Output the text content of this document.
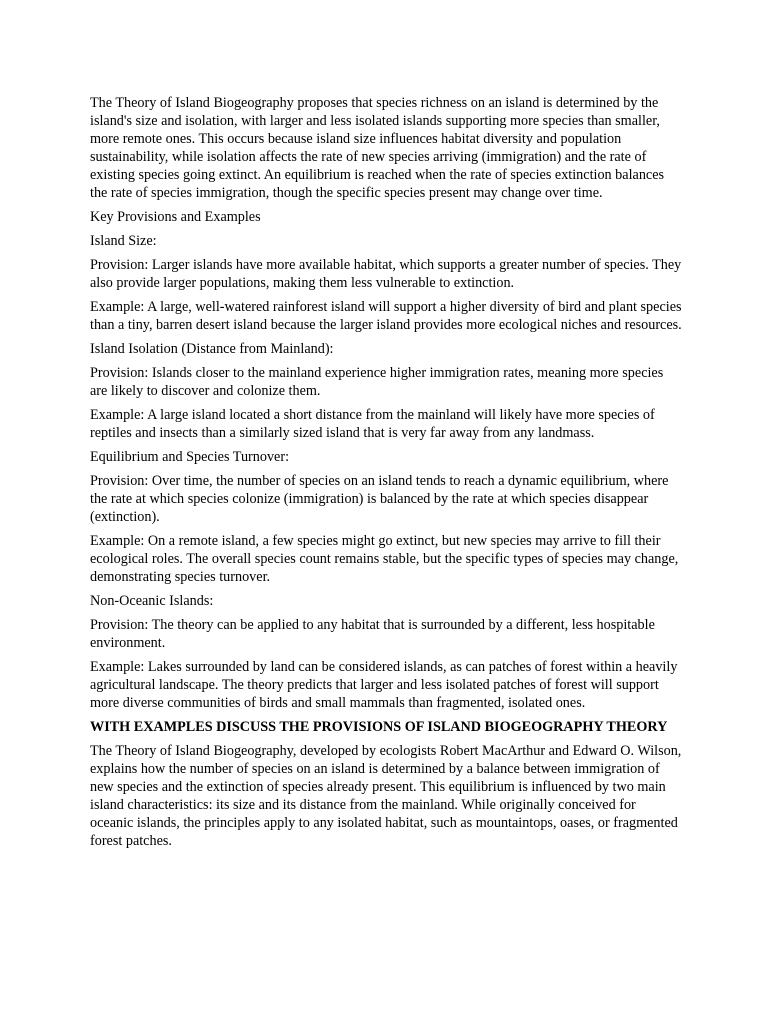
The Theory of Island Biogeography proposes that species richness on an island is determined by the island's size and isolation, with larger and less isolated islands supporting more species than smaller, more remote ones. This occurs because island size influences habitat diversity and population sustainability, while isolation affects the rate of new species arriving (immigration) and the rate of existing species going extinct. An equilibrium is reached when the rate of species extinction balances the rate of species immigration, though the specific species present may change over time.

Key Provisions and Examples

Island Size:

Provision: Larger islands have more available habitat, which supports a greater number of species. They also provide larger populations, making them less vulnerable to extinction.

Example: A large, well-watered rainforest island will support a higher diversity of bird and plant species than a tiny, barren desert island because the larger island provides more ecological niches and resources.

Island Isolation (Distance from Mainland):

Provision: Islands closer to the mainland experience higher immigration rates, meaning more species are likely to discover and colonize them.

Example: A large island located a short distance from the mainland will likely have more species of reptiles and insects than a similarly sized island that is very far away from any landmass.

Equilibrium and Species Turnover:

Provision: Over time, the number of species on an island tends to reach a dynamic equilibrium, where the rate at which species colonize (immigration) is balanced by the rate at which species disappear (extinction).

Example: On a remote island, a few species might go extinct, but new species may arrive to fill their ecological roles. The overall species count remains stable, but the specific types of species may change, demonstrating species turnover.

Non-Oceanic Islands:

Provision: The theory can be applied to any habitat that is surrounded by a different, less hospitable environment.

Example: Lakes surrounded by land can be considered islands, as can patches of forest within a heavily agricultural landscape. The theory predicts that larger and less isolated patches of forest will support more diverse communities of birds and small mammals than fragmented, isolated ones.

WITH EXAMPLES DISCUSS THE PROVISIONS OF ISLAND BIOGEOGRAPHY THEORY

The Theory of Island Biogeography, developed by ecologists Robert MacArthur and Edward O. Wilson, explains how the number of species on an island is determined by a balance between immigration of new species and the extinction of species already present. This equilibrium is influenced by two main island characteristics: its size and its distance from the mainland. While originally conceived for oceanic islands, the principles apply to any isolated habitat, such as mountaintops, oases, or fragmented forest patches.
